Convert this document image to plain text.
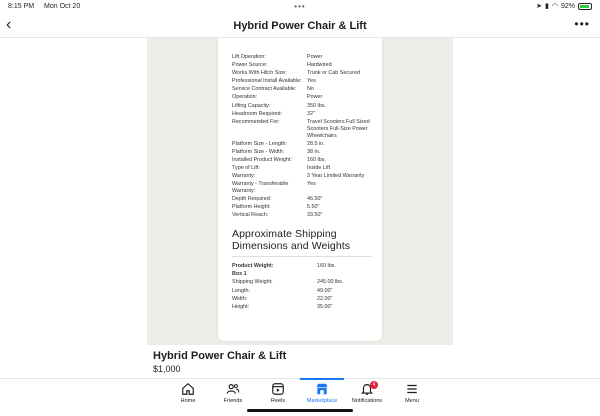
8:15 PM Mon Oct 20	•••	➤ ▮ ◠ 92%
‹	Hybrid Power Chair & Lift	•••
Lift Operation:	Power
Power Source:	Hardwired
Works With Hitch Size:	Trunk or Cab Secured
Professional Install Available: Yes
Service Contract Available:	No
Operation:	Power
Lifting Capacity:	350 lbs.
Headroom Required:	32"
Recommended For:	Travel Scooters Full Sized Scooters Full-Size Power Wheelchairs
Platform Size - Length:	28.5 in.
Platform Size - Width:	38 in.
Installed Product Weight:	160 lbs.
Type of Lift:	Inside Lift
Warranty:	3 Year Limited Warranty
Warranty - Transferable Warranty:
Yes
Depth Required:	46.50"
Platform Height:	5.50"
Vertical Reach:	33.50"
Approximate Shipping Dimensions and Weights
Product Weight:	160 lbs.
Box 1
Shipping Weight:	245.00 lbs.
Length:	49.00"
Width:	22.00"
Height:	35.00"
Hybrid Power Chair & Lift
$1,000
Home	Friends	Reels	Marketplace
4
Notifications	Menu
